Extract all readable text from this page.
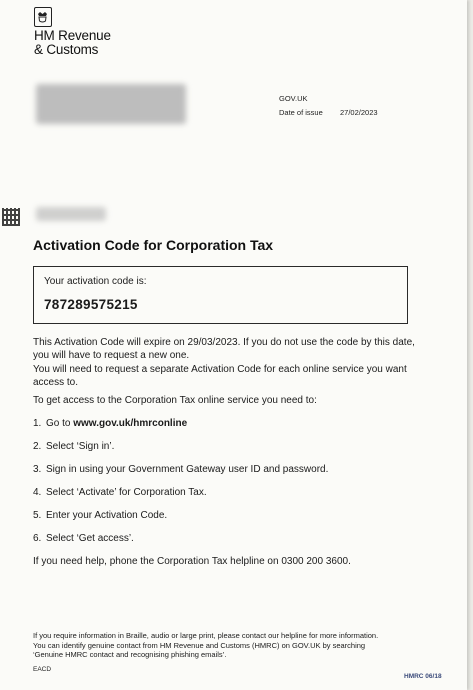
HM Revenue
& Customs
GOV.UK
Date of issue 27/02/2023
Activation Code for Corporation Tax
Your activation code is:
787289575215
This Activation Code will expire on 29/03/2023. If you do not use the code by this date, you will have to request a new one.
You will need to request a separate Activation Code for each online service you want access to.
To get access to the Corporation Tax online service you need to:
1. Go to www.gov.uk/hmrconline
2. Select ‘Sign in’.
3. Sign in using your Government Gateway user ID and password.
4. Select ‘Activate’ for Corporation Tax.
5. Enter your Activation Code.
6. Select ‘Get access’.
If you need help, phone the Corporation Tax helpline on 0300 200 3600.
If you require information in Braille, audio or large print, please contact our helpline for more information.
You can identify genuine contact from HM Revenue and Customs (HMRC) on GOV.UK by searching
‘Genuine HMRC contact and recognising phishing emails’.
EACD
HMRC 06/18
